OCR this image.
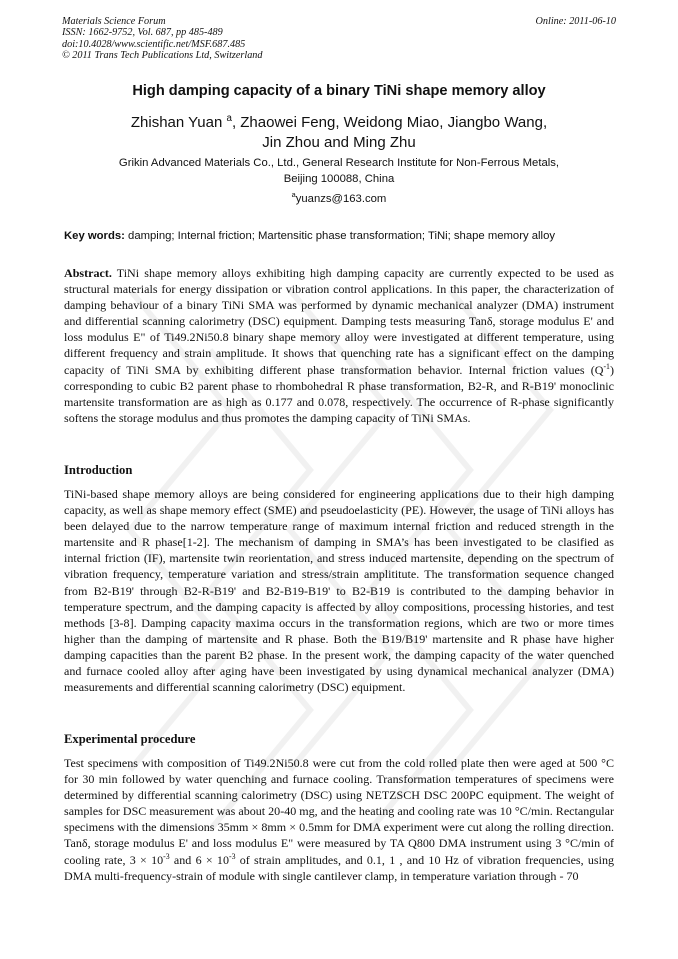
Materials Science Forum
ISSN: 1662-9752, Vol. 687, pp 485-489
doi:10.4028/www.scientific.net/MSF.687.485
© 2011 Trans Tech Publications Ltd, Switzerland
Online: 2011-06-10
High damping capacity of a binary TiNi shape memory alloy
Zhishan Yuan $^a$, Zhaowei Feng, Weidong Miao, Jiangbo Wang,
Jin Zhou and Ming Zhu
Grikin Advanced Materials Co., Ltd., General Research Institute for Non-Ferrous Metals,
Beijing 100088, China
$^a$yuanzs@163.com
Key words: damping; Internal friction; Martensitic phase transformation; TiNi; shape memory alloy

Abstract. TiNi shape memory alloys exhibiting high damping capacity are currently expected to be used as structural materials for energy dissipation or vibration control applications. In this paper, the characterization of damping behaviour of a binary TiNi SMA was performed by dynamic mechanical analyzer (DMA) instrument and differential scanning calorimetry (DSC) equipment. Damping tests measuring Tanδ, storage modulus E' and loss modulus E" of Ti49.2Ni50.8 binary shape memory alloy were investigated at different temperature, using different frequency and strain amplitude. It shows that quenching rate has a significant effect on the damping capacity of TiNi SMA by exhibiting different phase transformation behavior. Internal friction values $(Q^{-1})$ corresponding to cubic B2 parent phase to rhombohedral R phase transformation, B2-R, and R-B19' monoclinic martensite transformation are as high as 0.177 and 0.078, respectively. The occurrence of R-phase significantly softens the storage modulus and thus promotes the damping capacity of TiNi SMAs.

Introduction

TiNi-based shape memory alloys are being considered for engineering applications due to their high damping capacity, as well as shape memory effect (SME) and pseudoelasticity (PE). However, the usage of TiNi alloys has been delayed due to the narrow temperature range of maximum internal friction and reduced strength in the martensite and R phase[1-2]. The mechanism of damping in SMA’s has been investigated to be clasified as internal friction (IF), martensite twin reorientation, and stress induced martensite, depending on the spectrum of vibration frequency, temperature variation and stress/strain amplititute. The transformation sequence changed from B2-B19' through B2-R-B19' and B2-B19-B19' to B2-B19 is contributed to the damping behavior in temperature spectrum, and the damping capacity is affected by alloy compositions, processing histories, and test methods [3-8]. Damping capacity maxima occurs in the transformation regions, which are two or more times higher than the damping of martensite and R phase. Both the B19/B19' martensite and R phase have higher damping capacities than the parent B2 phase. In the present work, the damping capacity of the water quenched and furnace cooled alloy after aging have been investigated by using dynamical mechanical analyzer (DMA) measurements and differential scanning calorimetry (DSC) equipment.

Experimental procedure

Test specimens with composition of Ti49.2Ni50.8 were cut from the cold rolled plate then were aged at 500 °C for 30 min followed by water quenching and furnace cooling. Transformation temperatures of specimens were determined by differential scanning calorimetry (DSC) using NETZSCH DSC 200PC equipment. The weight of samples for DSC measurement was about 20-40 mg, and the heating and cooling rate was 10 °C/min. Rectangular specimens with the dimensions 35mm × 8mm × 0.5mm for DMA experiment were cut along the rolling direction. Tanδ, storage modulus E' and loss modulus E" were measured by TA Q800 DMA instrument using 3 °C/min of cooling rate, $3 \times 10^{-3}$ and $6 \times 10^{-3}$ of strain amplitudes, and 0.1, 1 , and 10 Hz of vibration frequencies, using DMA multi-frequency-strain of module with single cantilever clamp, in temperature variation through - 70
